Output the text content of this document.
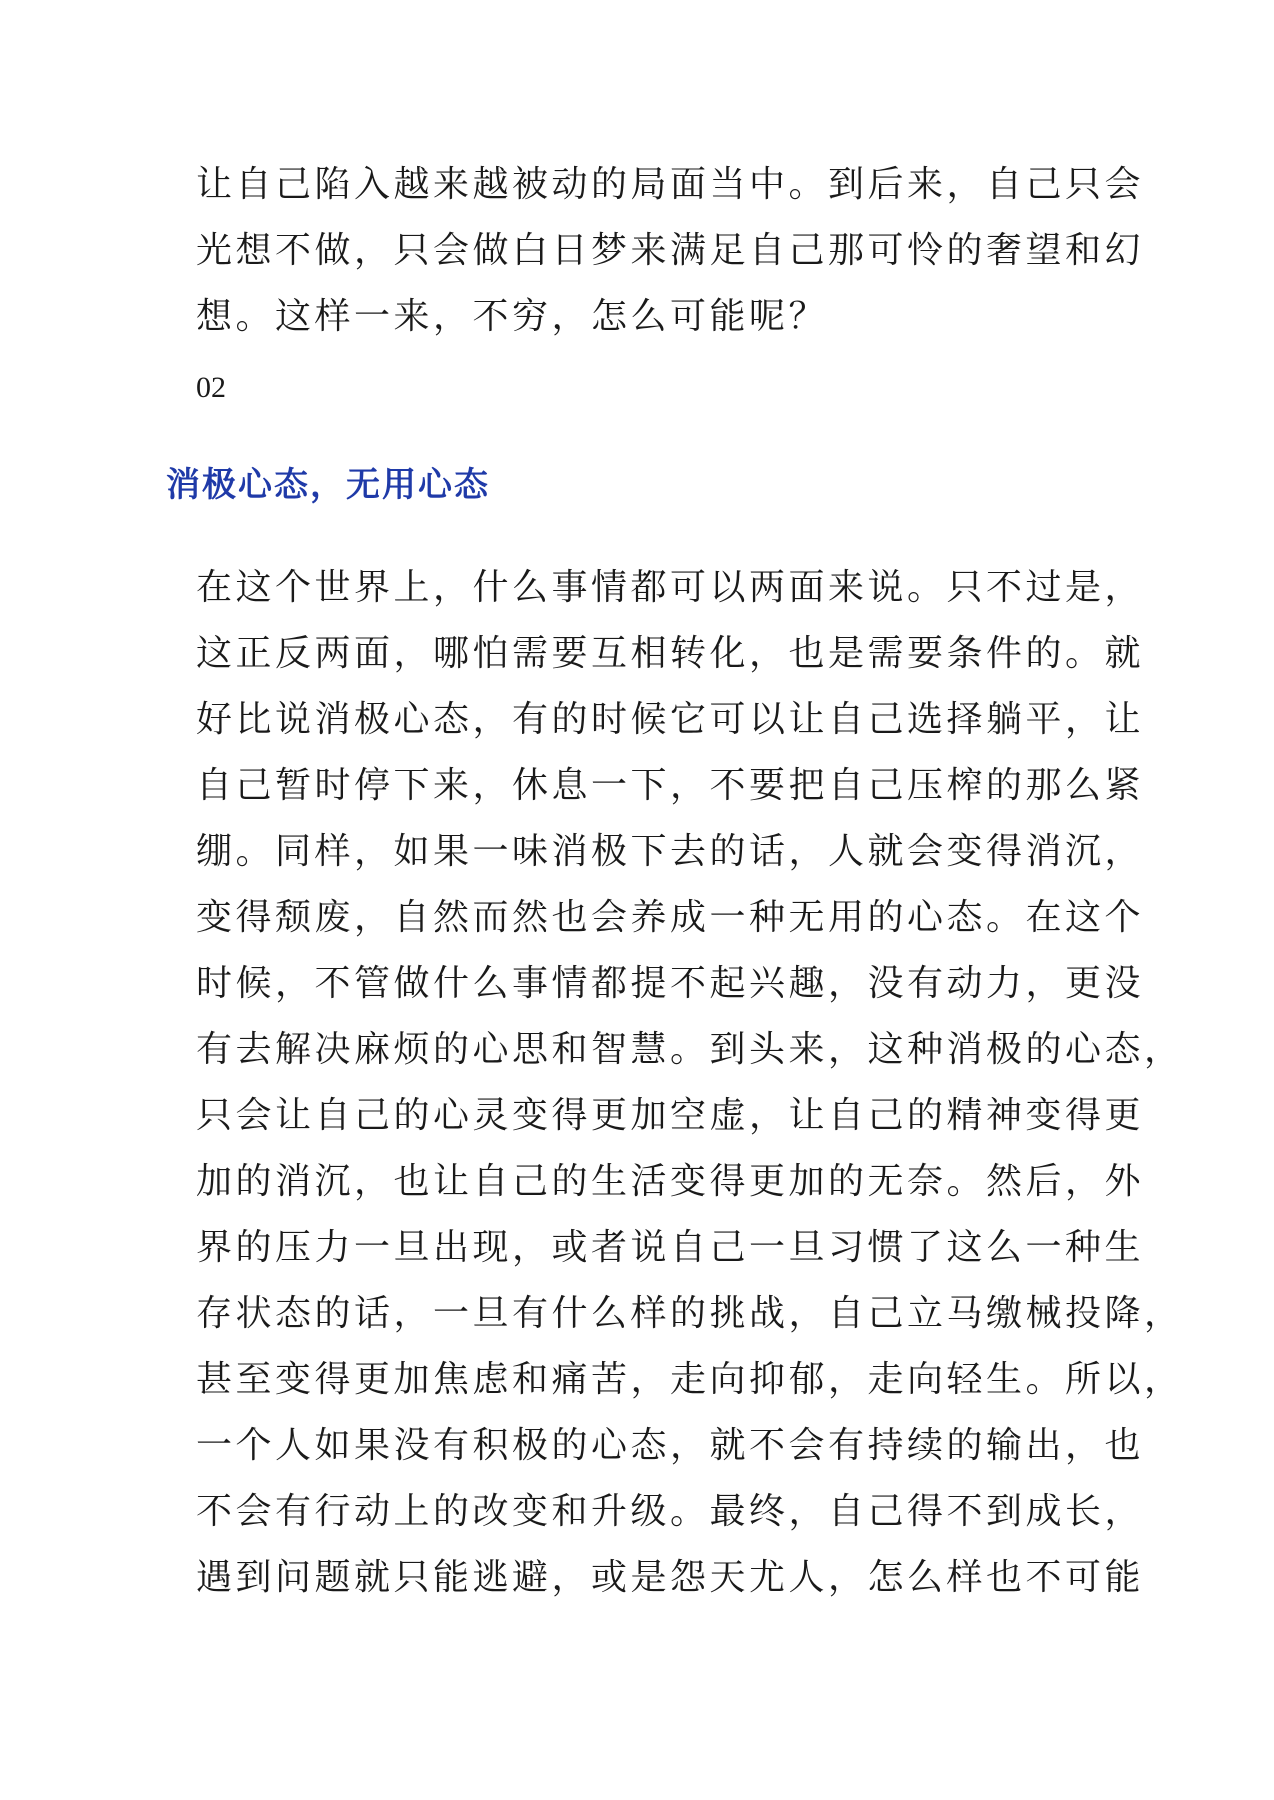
让自己陷入越来越被动的局面当中。到后来，自己只会
光想不做，只会做白日梦来满足自己那可怜的奢望和幻
想。这样一来，不穷，怎么可能呢？
02
消极心态，无用心态
在这个世界上，什么事情都可以两面来说。只不过是，
这正反两面，哪怕需要互相转化，也是需要条件的。就
好比说消极心态，有的时候它可以让自己选择躺平，让
自己暂时停下来，休息一下，不要把自己压榨的那么紧
绷。同样，如果一味消极下去的话，人就会变得消沉，
变得颓废，自然而然也会养成一种无用的心态。在这个
时候，不管做什么事情都提不起兴趣，没有动力，更没
有去解决麻烦的心思和智慧。到头来，这种消极的心态，
只会让自己的心灵变得更加空虚，让自己的精神变得更
加的消沉，也让自己的生活变得更加的无奈。然后，外
界的压力一旦出现，或者说自己一旦习惯了这么一种生
存状态的话，一旦有什么样的挑战，自己立马缴械投降，
甚至变得更加焦虑和痛苦，走向抑郁，走向轻生。所以，
一个人如果没有积极的心态，就不会有持续的输出，也
不会有行动上的改变和升级。最终，自己得不到成长，
遇到问题就只能逃避，或是怨天尤人，怎么样也不可能
